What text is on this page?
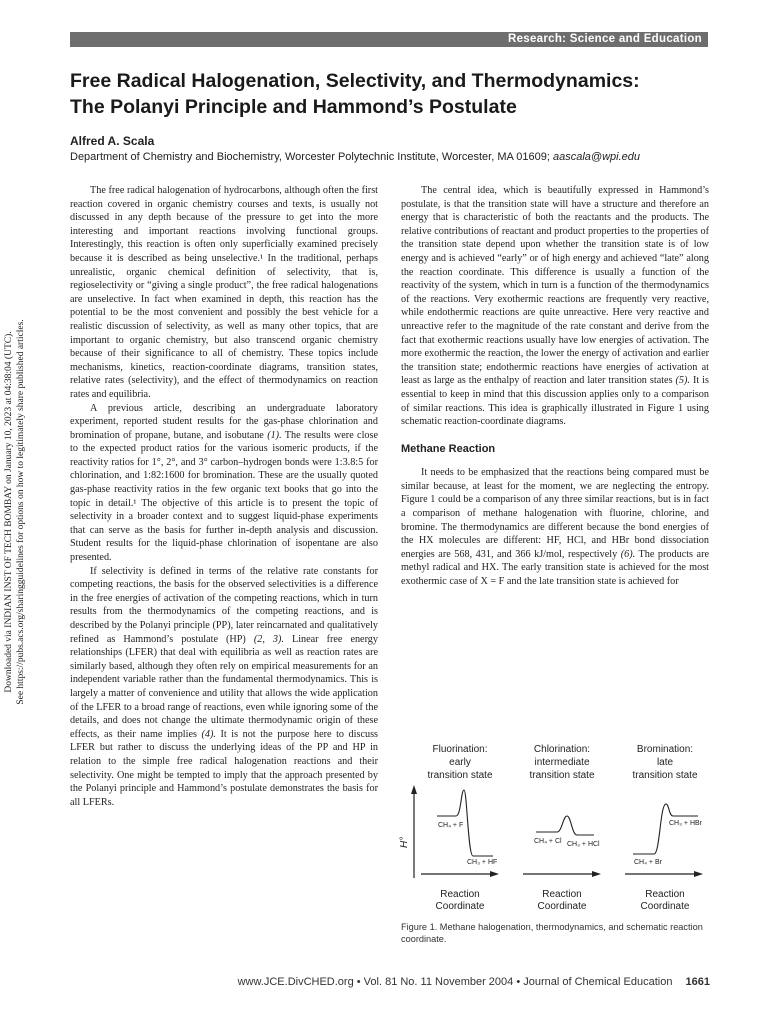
Research: Science and Education
Free Radical Halogenation, Selectivity, and Thermodynamics:
The Polanyi Principle and Hammond’s Postulate

Alfred A. Scala

Department of Chemistry and Biochemistry, Worcester Polytechnic Institute, Worcester, MA 01609; aascala@wpi.edu

Downloaded via INDIAN INST OF TECH BOMBAY on January 10, 2023 at 04:38:04 (UTC). See https://pubs.acs.org/sharingguidelines for options on how to legitimately share published articles.

The free radical halogenation of hydrocarbons, although often the first reaction covered in organic chemistry courses and texts, is usually not discussed in any depth because of the pressure to get into the more interesting and important reactions involving functional groups. Interestingly, this reaction is often only superficially examined precisely because it is described as being unselective.¹ In the traditional, perhaps unrealistic, organic chemical definition of selectivity, that is, regioselectivity or “giving a single product”, the free radical halogenations are unselective. In fact when examined in depth, this reaction has the potential to be the most convenient and possibly the best vehicle for a realistic discussion of selectivity, as well as many other topics, that are important to organic chemistry, but also transcend organic chemistry because of their significance to all of chemistry. These topics include mechanisms, kinetics, reaction-coordinate diagrams, transition states, relative rates (selectivity), and the effect of thermodynamics on reaction rates and equilibria.

A previous article, describing an undergraduate laboratory experiment, reported student results for the gas-phase chlorination and bromination of propane, butane, and isobutane (1). The results were close to the expected product ratios for the various isomeric products, if the reactivity ratios for 1°, 2°, and 3° carbon–hydrogen bonds were 1:3.8:5 for chlorination, and 1:82:1600 for bromination. These are the usually quoted gas-phase reactivity ratios in the few organic text books that go into the topic in detail.¹ The objective of this article is to present the topic of selectivity in a broader context and to suggest liquid-phase experiments that can serve as the basis for further in-depth analysis and discussion. Student results for the liquid-phase chlorination of isopentane are also presented.

If selectivity is defined in terms of the relative rate constants for competing reactions, the basis for the observed selectivities is a difference in the free energies of activation of the competing reactions, which in turn results from the thermodynamics of the competing reactions, and is described by the Polanyi principle (PP), later reincarnated and qualitatively refined as Hammond’s postulate (HP) (2, 3). Linear free energy relationships (LFER) that deal with equilibria as well as reaction rates are similarly based, although they often rely on empirical measurements for an independent variable rather than the fundamental thermodynamics. This is largely a matter of convenience and utility that allows the wide application of the LFER to a broad range of reactions, even while ignoring some of the details, and does not change the ultimate thermodynamic origin of these effects, as their name implies (4). It is not the purpose here to discuss LFER but rather to discuss the underlying ideas of the PP and HP in relation to the simple free radical halogenation reactions and their selectivity. One might be tempted to imply that the approach presented by the Polanyi principle and Hammond’s postulate demonstrates the basis for all LFERs.

The central idea, which is beautifully expressed in Hammond’s postulate, is that the transition state will have a structure and therefore an energy that is characteristic of both the reactants and the products. The relative contributions of reactant and product properties to the properties of the transition state depend upon whether the transition state is of low energy and is achieved “early” or of high energy and achieved “late” along the reaction coordinate. This difference is usually a function of the reactivity of the system, which in turn is a function of the thermodynamics of the reactions. Very exothermic reactions are frequently very reactive, while endothermic reactions are quite unreactive. Here very reactive and unreactive refer to the magnitude of the rate constant and derive from the fact that exothermic reactions usually have low energies of activation. The more exothermic the reaction, the lower the energy of activation and earlier the transition state; endothermic reactions have energies of activation at least as large as the enthalpy of reaction and later transition states (5). It is essential to keep in mind that this discussion applies only to a comparison of similar reactions. This idea is graphically illustrated in Figure 1 using schematic reaction-coordinate diagrams.

Methane Reaction

It needs to be emphasized that the reactions being compared must be similar because, at least for the moment, we are neglecting the entropy. Figure 1 could be a comparison of any three similar reactions, but is in fact a comparison of methane halogenation with fluorine, chlorine, and bromine. The thermodynamics are different because the bond energies of the HX molecules are different: HF, HCl, and HBr bond dissociation energies are 568, 431, and 366 kJ/mol, respectively (6). The products are methyl radical and HX. The early transition state is achieved for the most exothermic case of X = F and the late transition state is achieved for

Fluorination:
early
transition state
Chlorination:
intermediate
transition state
Bromination:
late
transition state
H°
CH₄ + F
CH₃ + HF
CH₄ + Cl CH₃ + HCl
CH₃ + HBr
CH₄ + Br
Reaction
Coordinate
Reaction
Coordinate
Reaction
Coordinate

Figure 1. Methane halogenation, thermodynamics, and schematic reaction coordinate.

www.JCE.DivCHED.org • Vol. 81 No. 11 November 2004 • Journal of Chemical Education 1661
